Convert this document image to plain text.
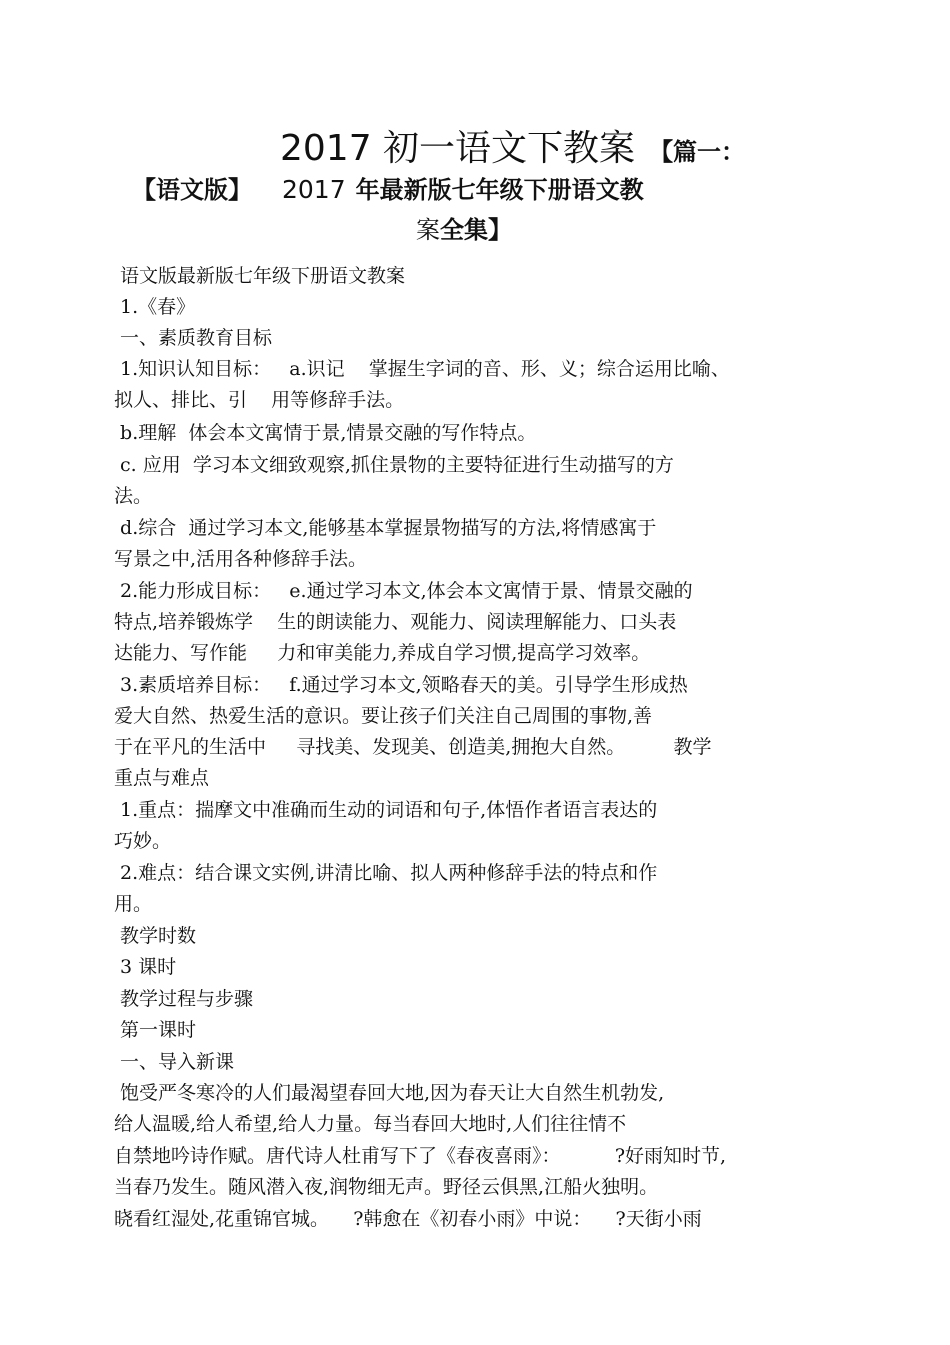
2017 初一语文下教案 【篇一：
【语文版】 2017 年最新版七年级下册语文教
案全集】
语文版最新版七年级下册语文教案
1.《春》
一、素质教育目标
1.知识认知目标：   a.识记    掌握生字词的音、形、义；综合运用比喻、
拟人、排比、引    用等修辞手法。
b.理解  体会本文寓情于景,情景交融的写作特点。
c. 应用  学习本文细致观察,抓住景物的主要特征进行生动描写的方
法。
d.综合  通过学习本文,能够基本掌握景物描写的方法,将情感寓于
写景之中,活用各种修辞手法。
2.能力形成目标：   e.通过学习本文,体会本文寓情于景、情景交融的
特点,培养锻炼学    生的朗读能力、观能力、阅读理解能力、口头表
达能力、写作能     力和审美能力,养成自学习惯,提高学习效率。
3.素质培养目标：   f.通过学习本文,领略春天的美。引导学生形成热
爱大自然、热爱生活的意识。要让孩子们关注自己周围的事物,善
于在平凡的生活中     寻找美、发现美、创造美,拥抱大自然。        教学
重点与难点
1.重点：揣摩文中准确而生动的词语和句子,体悟作者语言表达的
巧妙。
2.难点：结合课文实例,讲清比喻、拟人两种修辞手法的特点和作
用。
教学时数
3 课时
教学过程与步骤
第一课时
一、导入新课
饱受严冬寒冷的人们最渴望春回大地,因为春天让大自然生机勃发,
给人温暖,给人希望,给人力量。每当春回大地时,人们往往情不
自禁地吟诗作赋。唐代诗人杜甫写下了《春夜喜雨》：         ?好雨知时节,
当春乃发生。随风潜入夜,润物细无声。野径云俱黑,江船火独明。
晓看红湿处,花重锦官城。    ?韩愈在《初春小雨》中说：    ?天街小雨
